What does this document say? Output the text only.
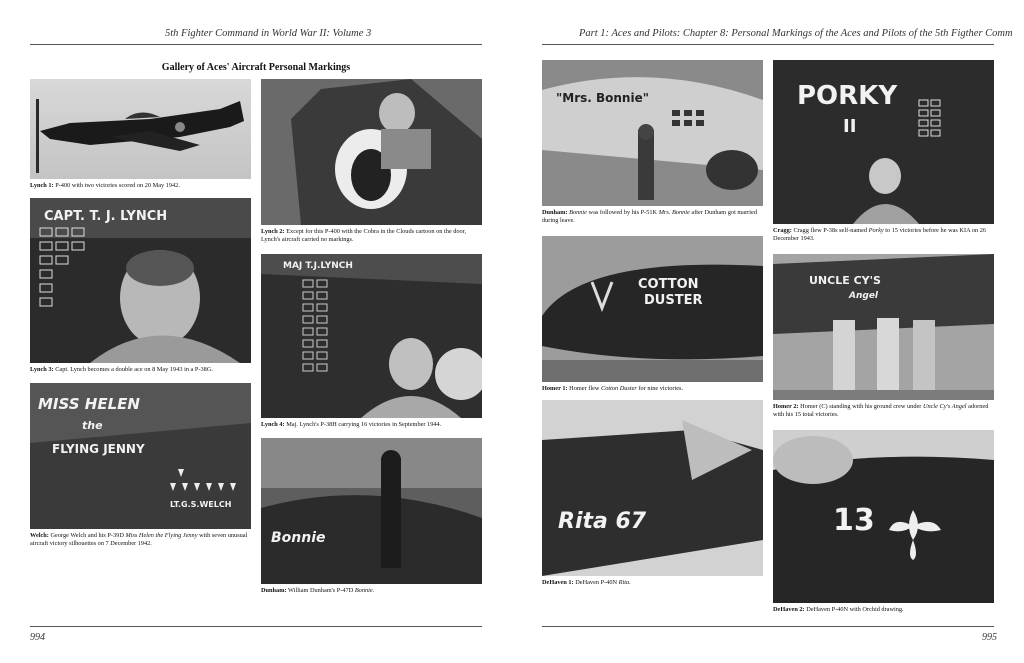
5th Fighter Command in World War II: Volume 3
Gallery of Aces' Aircraft Personal Markings
Lynch 1: P-400 with two victories scored on 20 May 1942.
CAPT. T. J. LYNCH
Lynch 3: Capt. Lynch becomes a double ace on 8 May 1943 in a P-38G.
MISS HELEN
the
FLYING JENNY
LT.G.S.WELCH
Welch: George Welch and his P-39D Miss Helen the Flying Jenny with seven unusual aircraft victory silhouettes on 7 December 1942.
Lynch 2: Except for this P-400 with the Cobra in the Clouds cartoon on the door, Lynch's aircraft carried no markings.
MAJ T.J.LYNCH
Lynch 4: Maj. Lynch's P-38H carrying 16 victories in September 1944.
Bonnie
Dunham: William Dunham's P-47D Bonnie.
994
Part 1: Aces and Pilots: Chapter 8: Personal Markings of the Aces and Pilots of the 5th Figther Comm
"Mrs. Bonnie"
Dunham: Bonnie was followed by his P-51K Mrs. Bonnie after Dunham got married during leave.
COTTON
DUSTER
Homer 1: Homer flew Cotton Duster for nine victories.
Rita 67
DeHaven 1: DeHaven P-40N Rita.
PORKY
II
Cragg: Cragg flew P-38s self-named Porky to 15 victories before he was KIA on 26 December 1943.
UNCLE CY'S
Angel
Homer 2: Homer (C) standing with his ground crew under Uncle Cy's Angel adorned with his 15 total victories.
13
DeHaven 2: DeHaven P-40N with Orchid drawing.
995
